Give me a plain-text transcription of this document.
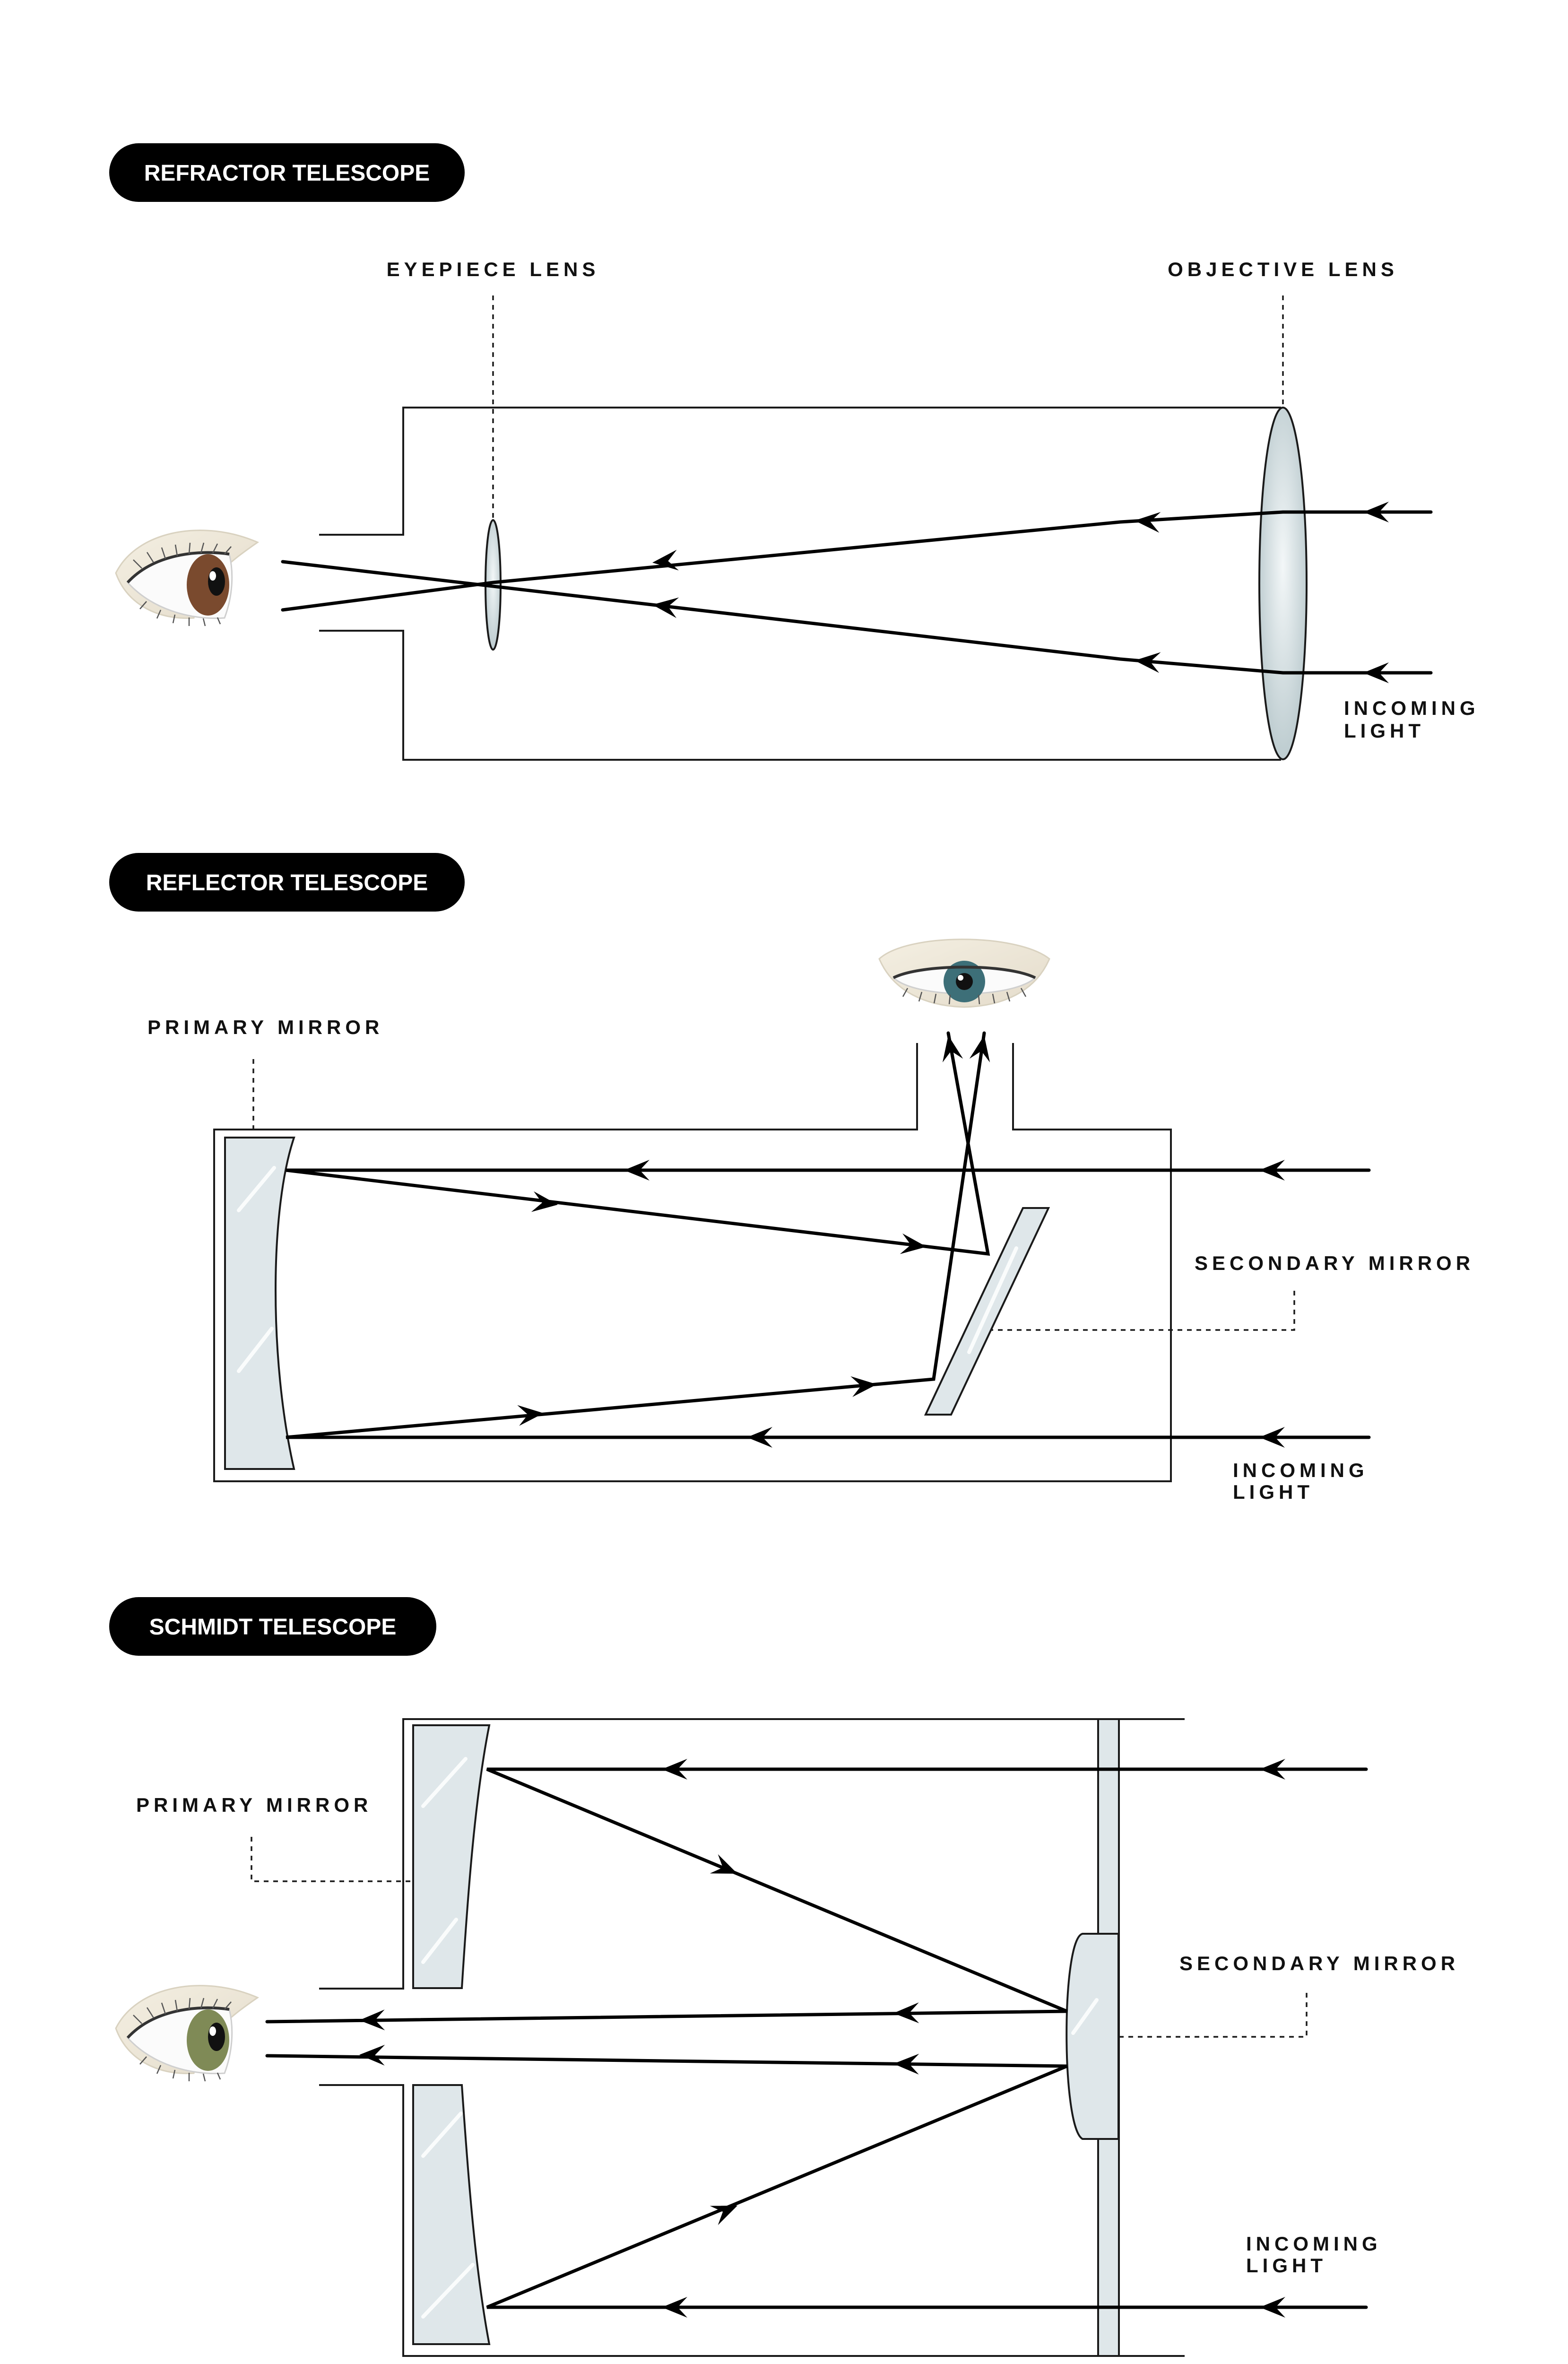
REFRACTOR TELESCOPE
EYEPIECE LENS	OBJECTIVE LENS
INCOMING
LIGHT
REFLECTOR TELESCOPE
PRIMARY MIRROR
SECONDARY MIRROR
INCOMING
LIGHT
SCHMIDT TELESCOPE
PRIMARY MIRROR
SECONDARY MIRROR
INCOMING
LIGHT
